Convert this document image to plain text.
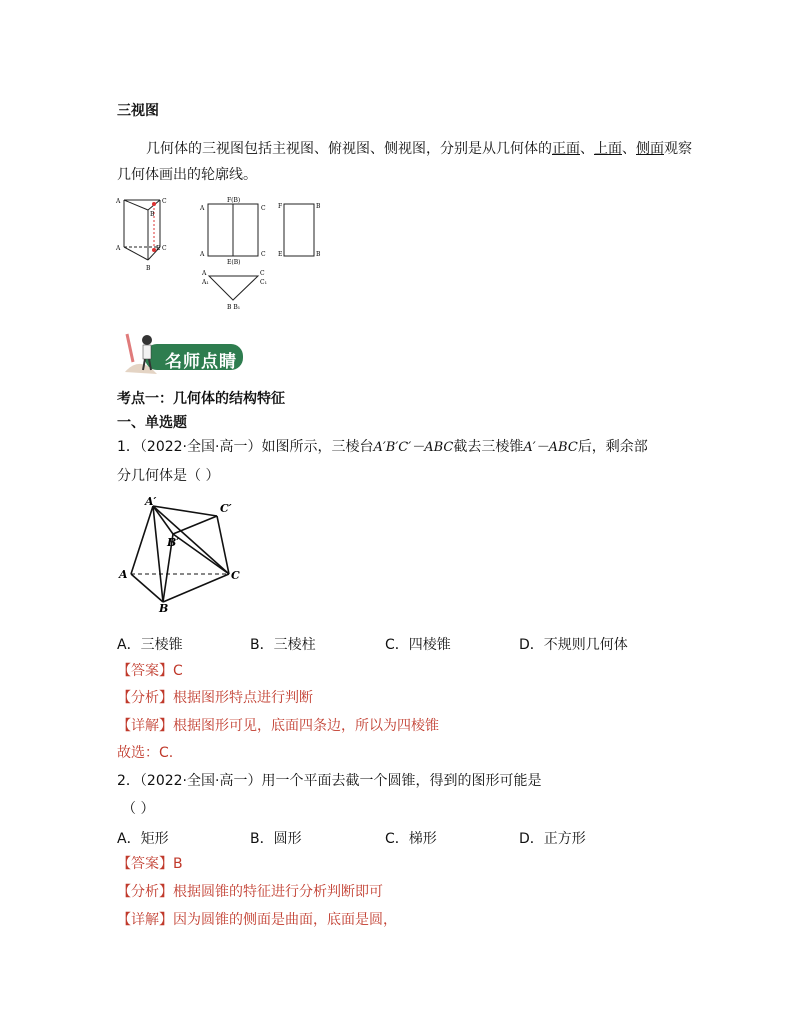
三视图
几何体的三视图包括主视图、俯视图、侧视图，分别是从几何体的正面、上面、侧面观察
几何体画出的轮廓线。
A	C
B
A	C
E
B
A	C
F(B)
A	C
E(B)
F	B
E	B
A
A₁
C
C₁
B B₁
名师点睛
考点一：几何体的结构特征
一、单选题
1．（2022·全国·高一）如图所示，三棱台A′B′C′－ABC截去三棱锥A′－ABC后，剩余部
分几何体是（ ）
A′
C′
B′
A	C
B
A．三棱锥	B．三棱柱	C．四棱锥	D．不规则几何体
【答案】C
【分析】根据图形特点进行判断
【详解】根据图形可见，底面四条边，所以为四棱锥
故选：C.
2．（2022·全国·高一）用一个平面去截一个圆锥，得到的图形可能是
（ ）
A．矩形	B．圆形	C．梯形	D．正方形
【答案】B
【分析】根据圆锥的特征进行分析判断即可
【详解】因为圆锥的侧面是曲面，底面是圆，
